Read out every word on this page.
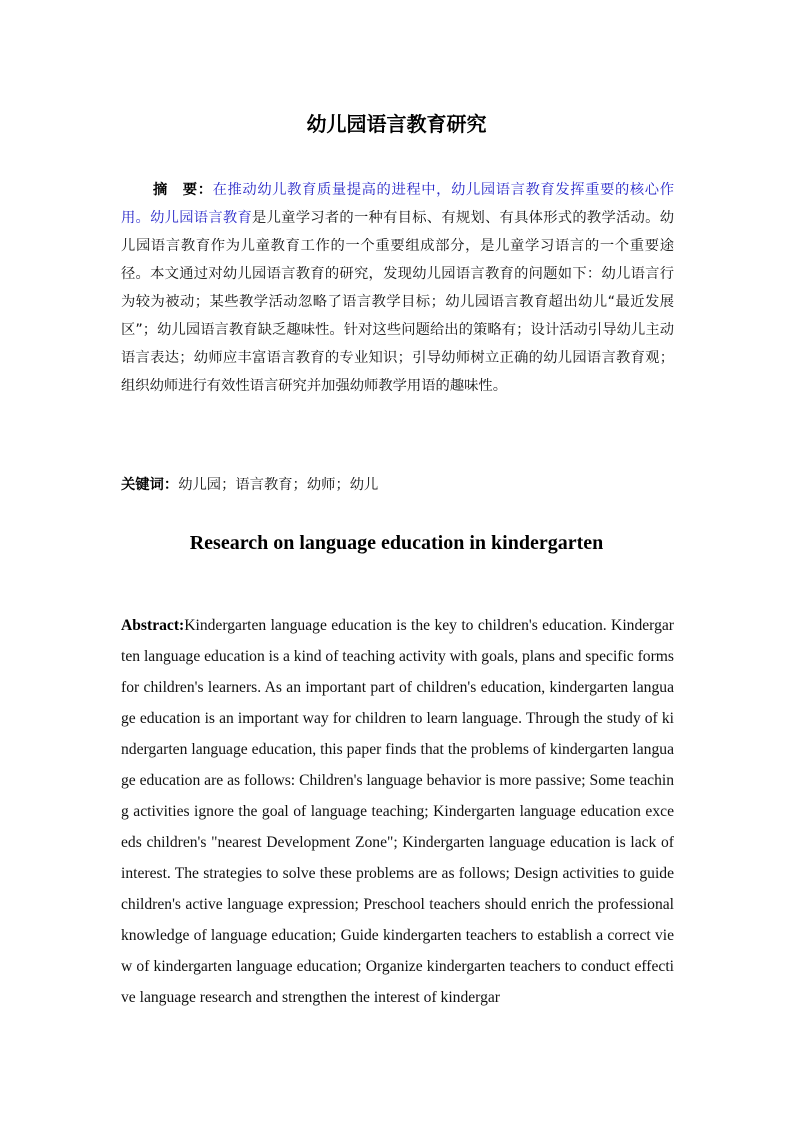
幼儿园语言教育研究

摘　要：在推动幼儿教育质量提高的进程中，幼儿园语言教育发挥重要的核心作用。幼儿园语言教育是儿童学习者的一种有目标、有规划、有具体形式的教学活动。幼儿园语言教育作为儿童教育工作的一个重要组成部分，是儿童学习语言的一个重要途径。本文通过对幼儿园语言教育的研究，发现幼儿园语言教育的问题如下：幼儿语言行为较为被动；某些教学活动忽略了语言教学目标；幼儿园语言教育超出幼儿“最近发展区”；幼儿园语言教育缺乏趣味性。针对这些问题给出的策略有；设计活动引导幼儿主动语言表达；幼师应丰富语言教育的专业知识；引导幼师树立正确的幼儿园语言教育观；组织幼师进行有效性语言研究并加强幼师教学用语的趣味性。

关键词：幼儿园；语言教育；幼师；幼儿
Research on language education in kindergarten

Abstract:Kindergarten language education is the key to children's education. Kindergarten language education is a kind of teaching activity with goals, plans and specific forms for children's learners. As an important part of children's education, kindergarten language education is an important way for children to learn language. Through the study of kindergarten language education, this paper finds that the problems of kindergarten language education are as follows: Children's language behavior is more passive; Some teaching activities ignore the goal of language teaching; Kindergarten language education exceeds children's "nearest Development Zone"; Kindergarten language education is lack of interest. The strategies to solve these problems are as follows; Design activities to guide children's active language expression; Preschool teachers should enrich the professional knowledge of language education; Guide kindergarten teachers to establish a correct view of kindergarten language education; Organize kindergarten teachers to conduct effective language research and strengthen the interest of kindergar
